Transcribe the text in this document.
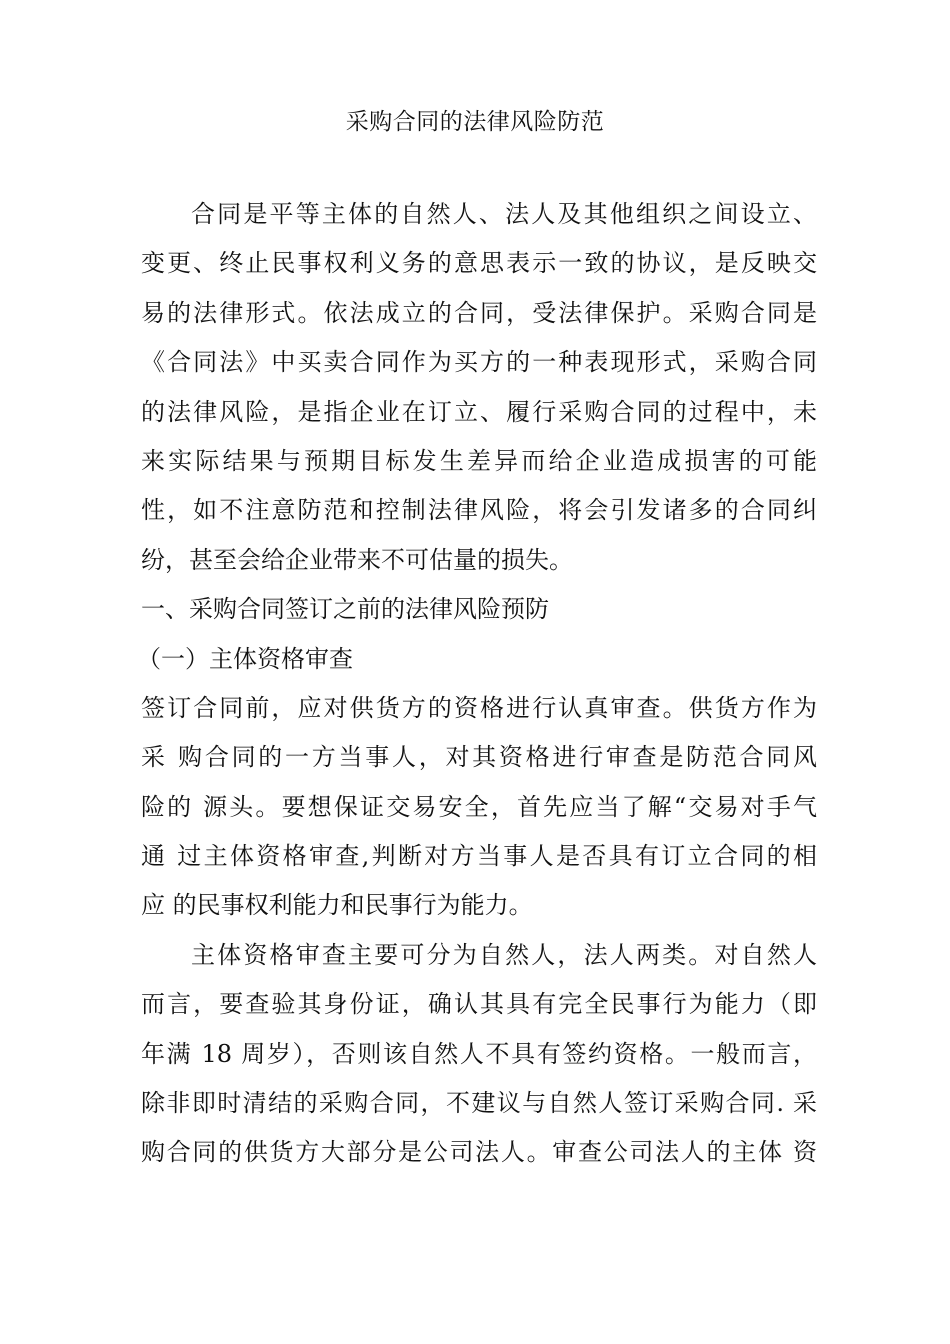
采购合同的法律风险防范
合同是平等主体的自然人、法人及其他组织之间设立、
变更、终止民事权利义务的意思表示一致的协议，是反映交
易的法律形式。依法成立的合同，受法律保护。采购合同是
《合同法》中买卖合同作为买方的一种表现形式，采购合同
的法律风险，是指企业在订立、履行采购合同的过程中，未
来实际结果与预期目标发生差异而给企业造成损害的可能
性，如不注意防范和控制法律风险，将会引发诸多的合同纠
纷，甚至会给企业带来不可估量的损失。
一、采购合同签订之前的法律风险预防
（一）主体资格审查
签订合同前，应对供货方的资格进行认真审查。供货方作为
采 购合同的一方当事人，对其资格进行审查是防范合同风
险的 源头。要想保证交易安全，首先应当了解“交易对手气
通 过主体资格审查,判断对方当事人是否具有订立合同的相
应 的民事权利能力和民事行为能力。
主体资格审查主要可分为自然人，法人两类。对自然人
而言，要查验其身份证，确认其具有完全民事行为能力（即
年满 18 周岁），否则该自然人不具有签约资格。一般而言，
除非即时清结的采购合同，不建议与自然人签订采购合同. 采
购合同的供货方大部分是公司法人。审查公司法人的主体 资
